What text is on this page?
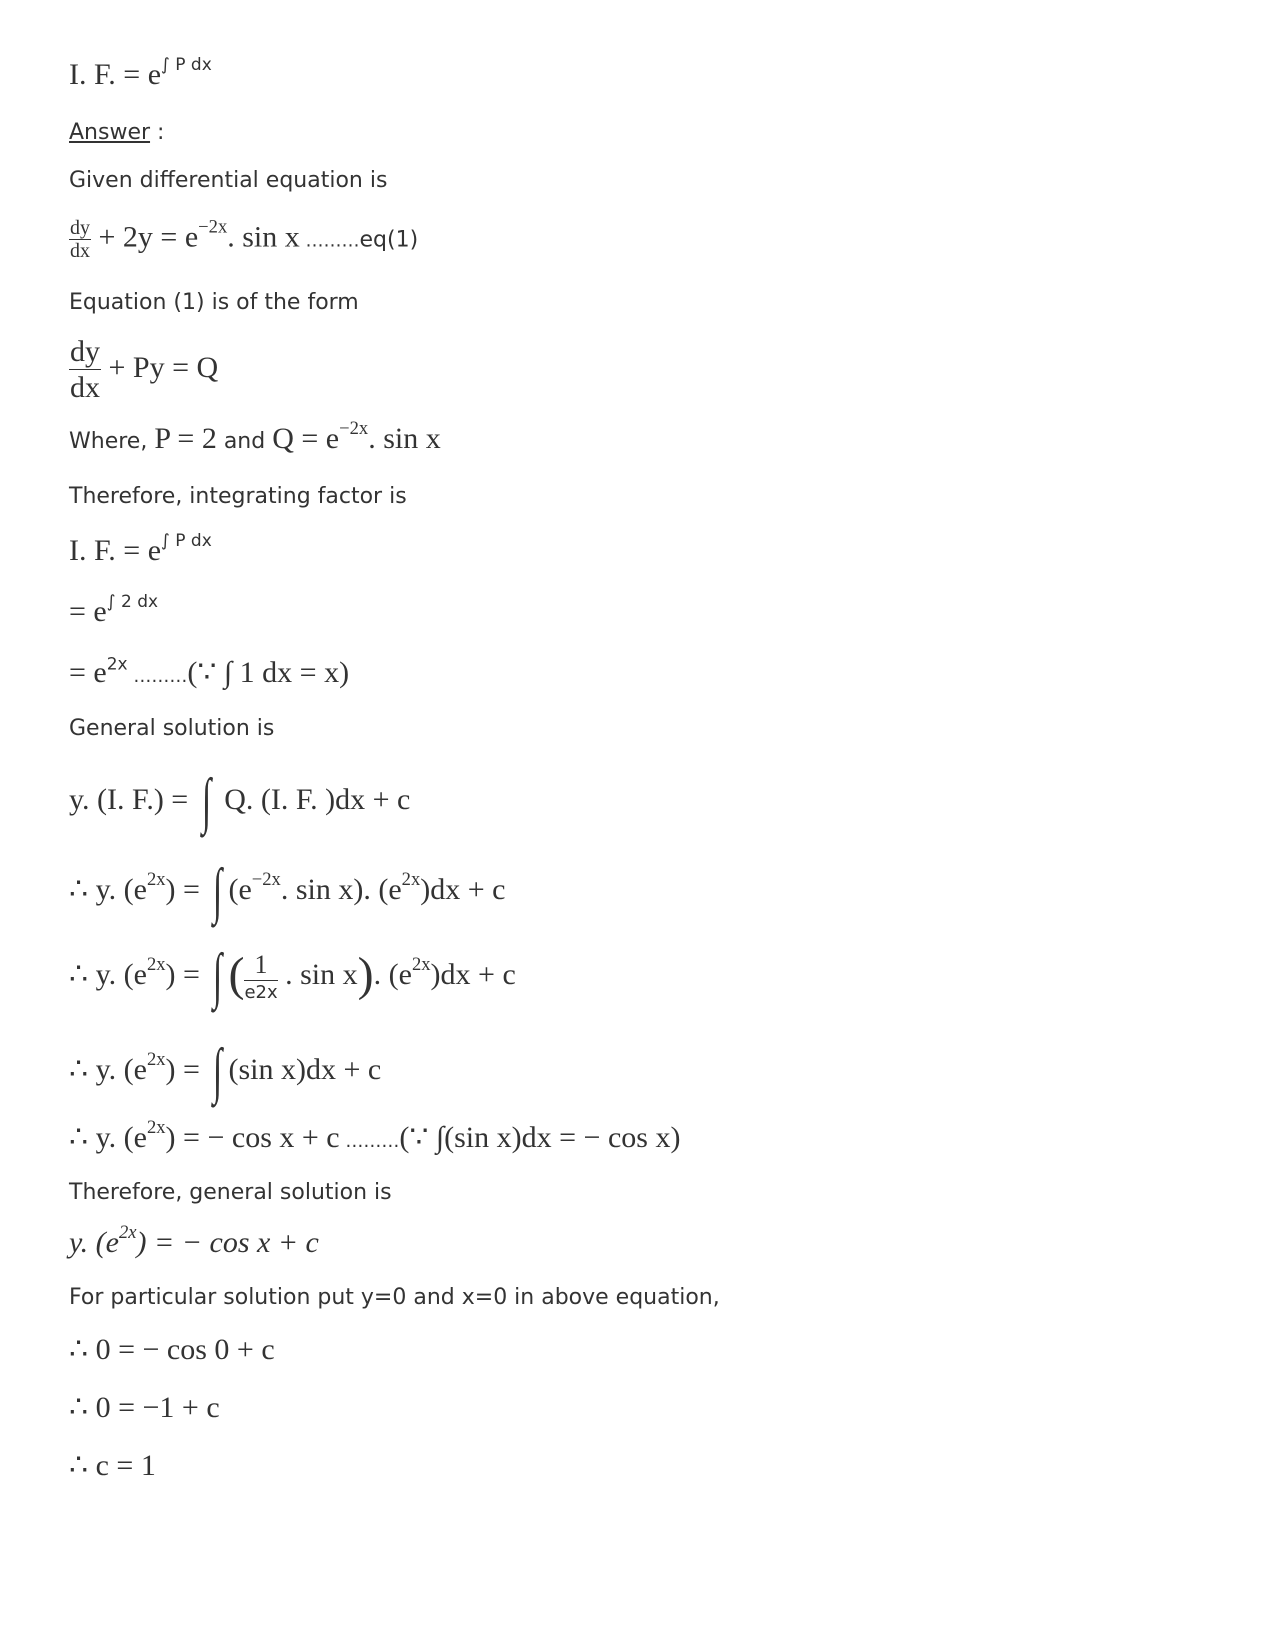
I. F. = $e^{\int P dx}$
Answer :
Given differential equation is
$\frac{dy}{dx} + 2y = e^{-2x}$. sin x ………eq(1)
Equation (1) is of the form
$\frac{dy}{dx} + Py = Q$
Where, P = 2 and $Q = e^{-2x}$. sin x
Therefore, integrating factor is
I. F. = $e^{\int P dx}$
= $e^{\int 2 dx}$
= $e^{2x}$ ………(∵ ∫ 1 dx = x)
General solution is
y. (I. F.) = ∫ Q. (I. F. )dx + c
∴ y. $(e^{2x})$ = ∫ ($e^{-2x}$. sin x). $(e^{2x})dx + c$
∴ y. $(e^{2x})$ = ∫ ( $\frac{1}{e2x}$ . sin x). $(e^{2x})dx + c$
∴ y. $(e^{2x})$ = ∫ (sin x)dx + c
∴ y. $(e^{2x})$ = − cos x + c ………(∵ ∫(sin x)dx = − cos x)
Therefore, general solution is
y. $(e^{2x})$ = − cos x + c
For particular solution put y=0 and x=0 in above equation,
∴ 0 = − cos 0 + c
∴ 0 = −1 + c
∴ c = 1
